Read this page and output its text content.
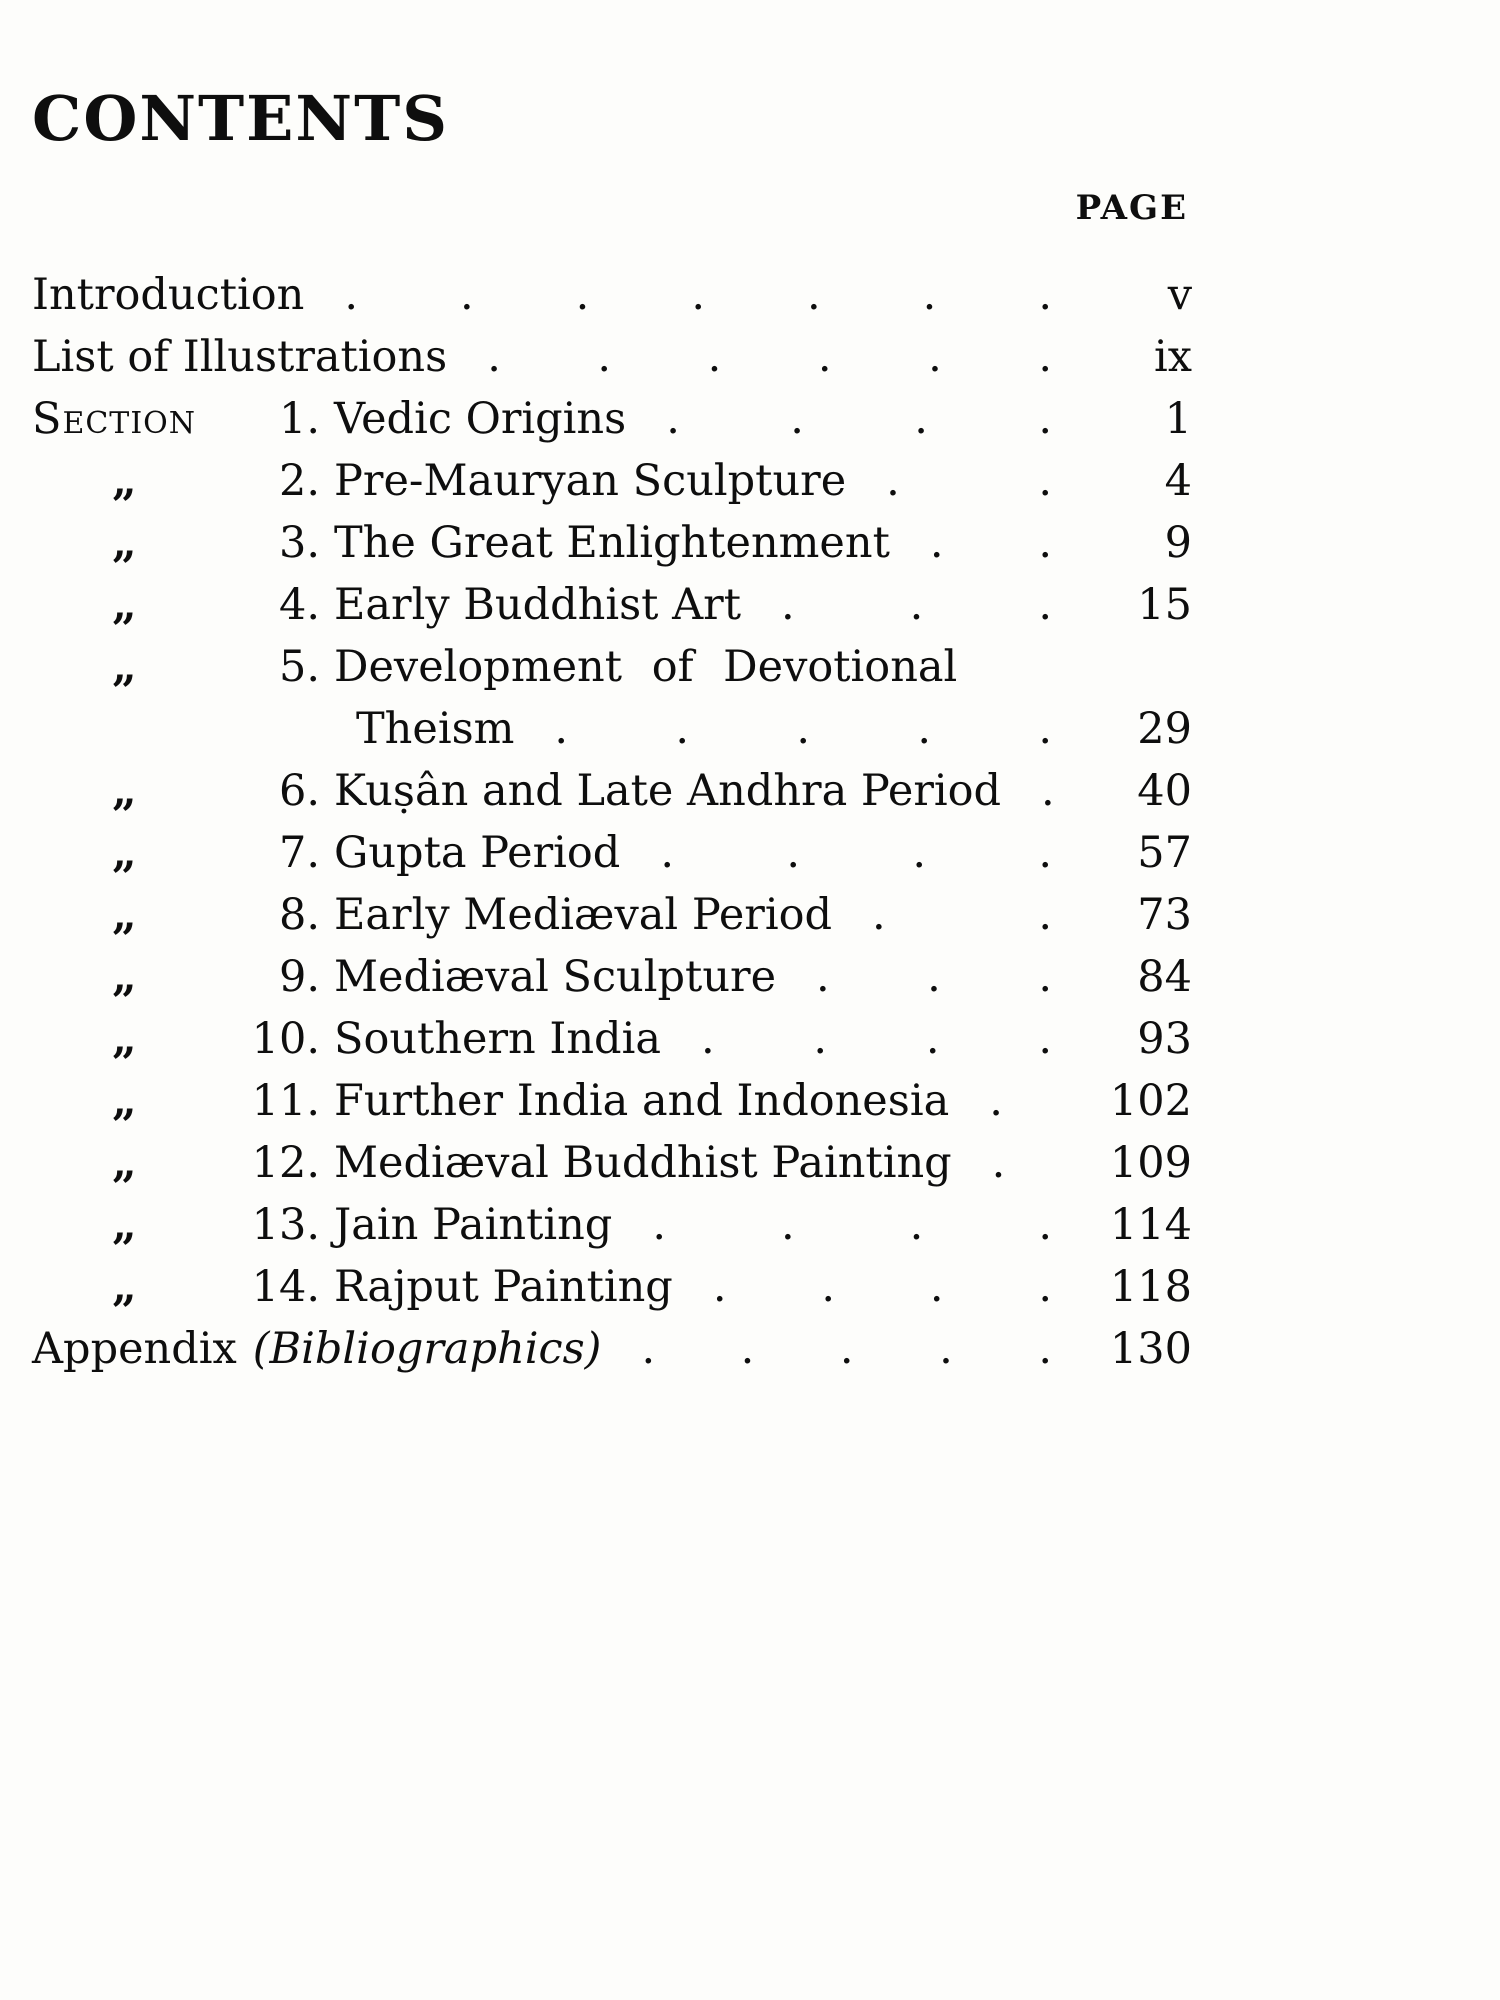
CONTENTS
PAGE
Introduction . . . . . . .	v
List of Illustrations . . . . . .	ix
Section	1. Vedic Origins . . . .	1
„	2. Pre-Mauryan Sculpture . .	4
„	3. The Great Enlightenment . .	9
„	4. Early Buddhist Art . . .	15
„	5. Development of Devotional
Theism . . . . .	29
„	6. Kuṣân and Late Andhra Period .	40
„	7. Gupta Period . . . .	57
„	8. Early Mediæval Period . .	73
„	9. Mediæval Sculpture . . .	84
„	10. Southern India . . . .	93
„	11. Further India and Indonesia .	102
„	12. Mediæval Buddhist Painting .	109
„	13. Jain Painting . . . .	114
„	14. Rajput Painting . . . .	118
Appendix (Bibliographics) . . . . .	130
